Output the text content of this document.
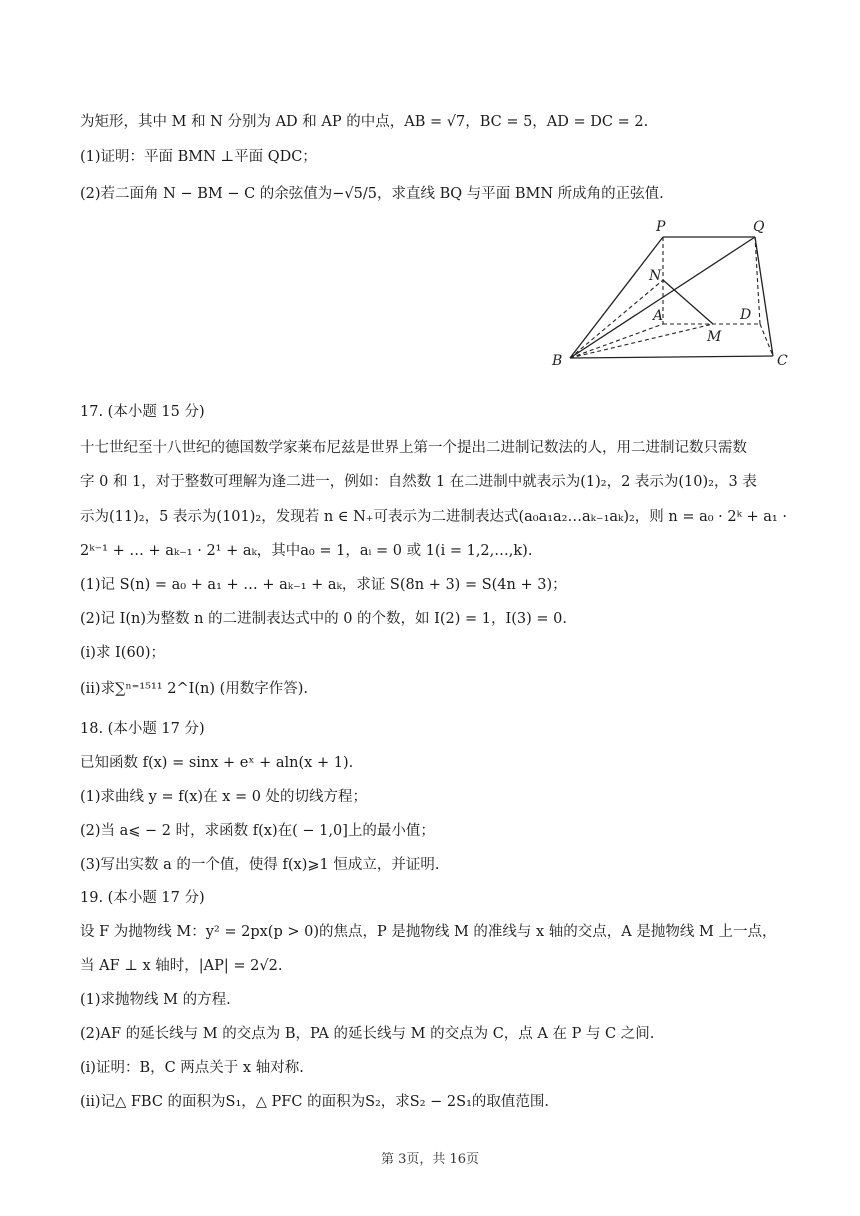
为矩形，其中 M 和 N 分别为 AD 和 AP 的中点，AB = √7，BC = 5，AD = DC = 2.
(1)证明：平面 BMN ⊥平面 QDC；
(2)若二面角 N − BM − C 的余弦值为−√5/5，求直线 BQ 与平面 BMN 所成角的正弦值.
P	Q
N
A	D
M
B	C
17. (本小题 15 分)
十七世纪至十八世纪的德国数学家莱布尼兹是世界上第一个提出二进制记数法的人，用二进制记数只需数
字 0 和 1，对于整数可理解为逢二进一，例如：自然数 1 在二进制中就表示为(1)₂，2 表示为(10)₂，3 表
示为(11)₂，5 表示为(101)₂，发现若 n ∈ N₊可表示为二进制表达式(a₀a₁a₂…aₖ₋₁aₖ)₂，则 n = a₀ · 2ᵏ + a₁ ·
2ᵏ⁻¹ + … + aₖ₋₁ · 2¹ + aₖ，其中a₀ = 1，aᵢ = 0 或 1(i = 1,2,…,k).
(1)记 S(n) = a₀ + a₁ + … + aₖ₋₁ + aₖ，求证 S(8n + 3) = S(4n + 3)；
(2)记 I(n)为整数 n 的二进制表达式中的 0 的个数，如 I(2) = 1，I(3) = 0.
(ⅰ)求 I(60)；
(ⅱ)求∑ⁿ⁼¹⁵¹¹ 2^I(n) (用数字作答).
18. (本小题 17 分)
已知函数 f(x) = sinx + eˣ + aln(x + 1).
(1)求曲线 y = f(x)在 x = 0 处的切线方程；
(2)当 a⩽ − 2 时，求函数 f(x)在( − 1,0]上的最小值；
(3)写出实数 a 的一个值，使得 f(x)⩾1 恒成立，并证明.
19. (本小题 17 分)
设 F 为抛物线 M：y² = 2px(p > 0)的焦点，P 是抛物线 M 的准线与 x 轴的交点，A 是抛物线 M 上一点，
当 AF ⊥ x 轴时，|AP| = 2√2.
(1)求抛物线 M 的方程.
(2)AF 的延长线与 M 的交点为 B，PA 的延长线与 M 的交点为 C，点 A 在 P 与 C 之间.
(i)证明：B，C 两点关于 x 轴对称.
(ii)记△ FBC 的面积为S₁，△ PFC 的面积为S₂，求S₂ − 2S₁的取值范围.
第 3页，共 16页
